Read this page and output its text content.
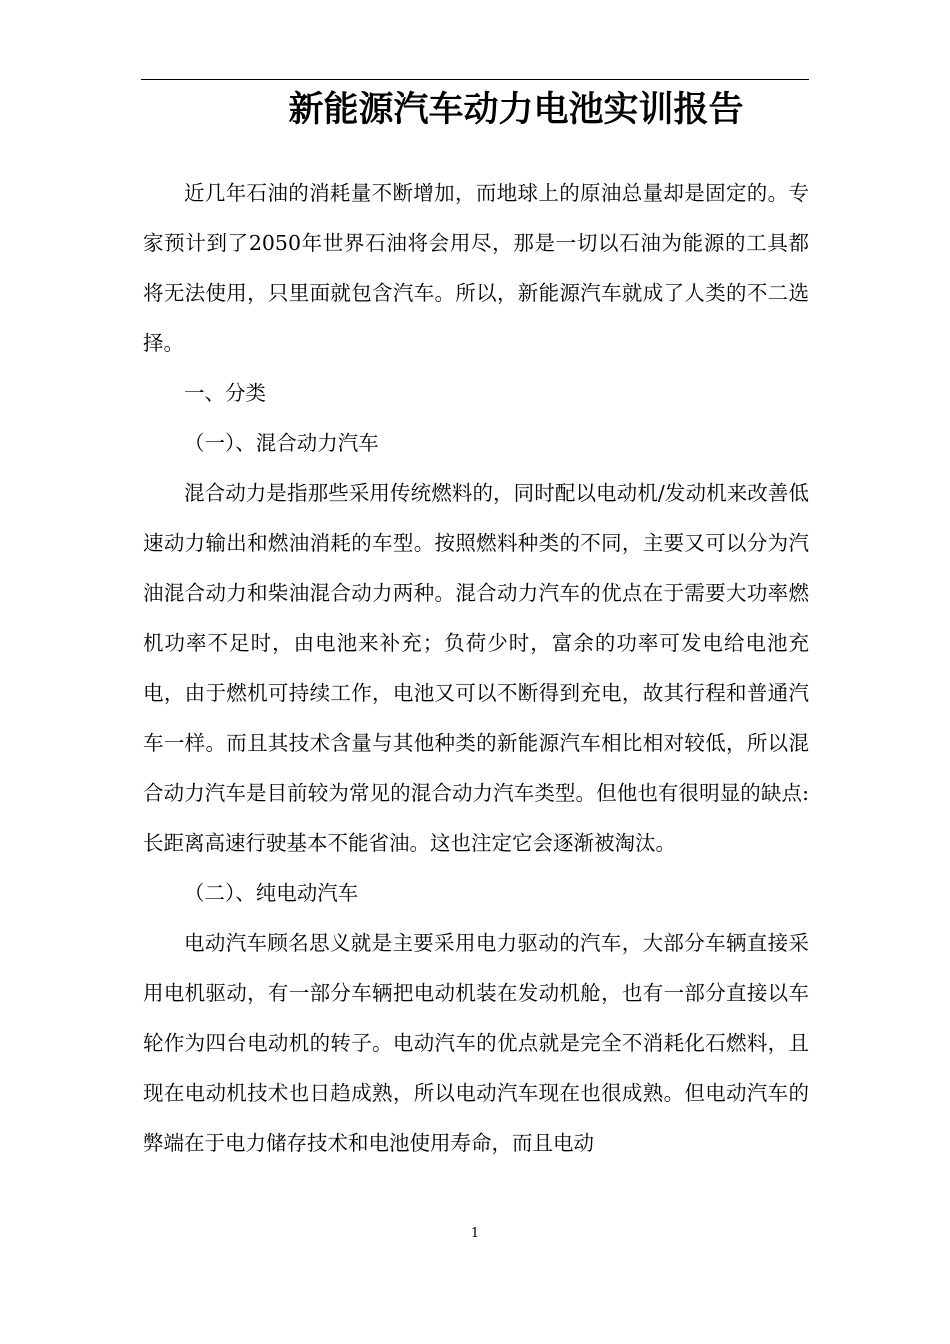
新能源汽车动力电池实训报告

近几年石油的消耗量不断增加，而地球上的原油总量却是固定的。专家预计到了2050年世界石油将会用尽，那是一切以石油为能源的工具都将无法使用，只里面就包含汽车。所以，新能源汽车就成了人类的不二选择。

一、分类

（一）、混合动力汽车

混合动力是指那些采用传统燃料的，同时配以电动机/发动机来改善低速动力输出和燃油消耗的车型。按照燃料种类的不同，主要又可以分为汽油混合动力和柴油混合动力两种。混合动力汽车的优点在于需要大功率燃机功率不足时，由电池来补充；负荷少时，富余的功率可发电给电池充电，由于燃机可持续工作，电池又可以不断得到充电，故其行程和普通汽车一样。而且其技术含量与其他种类的新能源汽车相比相对较低，所以混合动力汽车是目前较为常见的混合动力汽车类型。但他也有很明显的缺点:长距离高速行驶基本不能省油。这也注定它会逐渐被淘汰。

（二）、纯电动汽车

电动汽车顾名思义就是主要采用电力驱动的汽车，大部分车辆直接采用电机驱动，有一部分车辆把电动机装在发动机舱，也有一部分直接以车轮作为四台电动机的转子。电动汽车的优点就是完全不消耗化石燃料，且现在电动机技术也日趋成熟，所以电动汽车现在也很成熟。但电动汽车的弊端在于电力储存技术和电池使用寿命，而且电动

1
